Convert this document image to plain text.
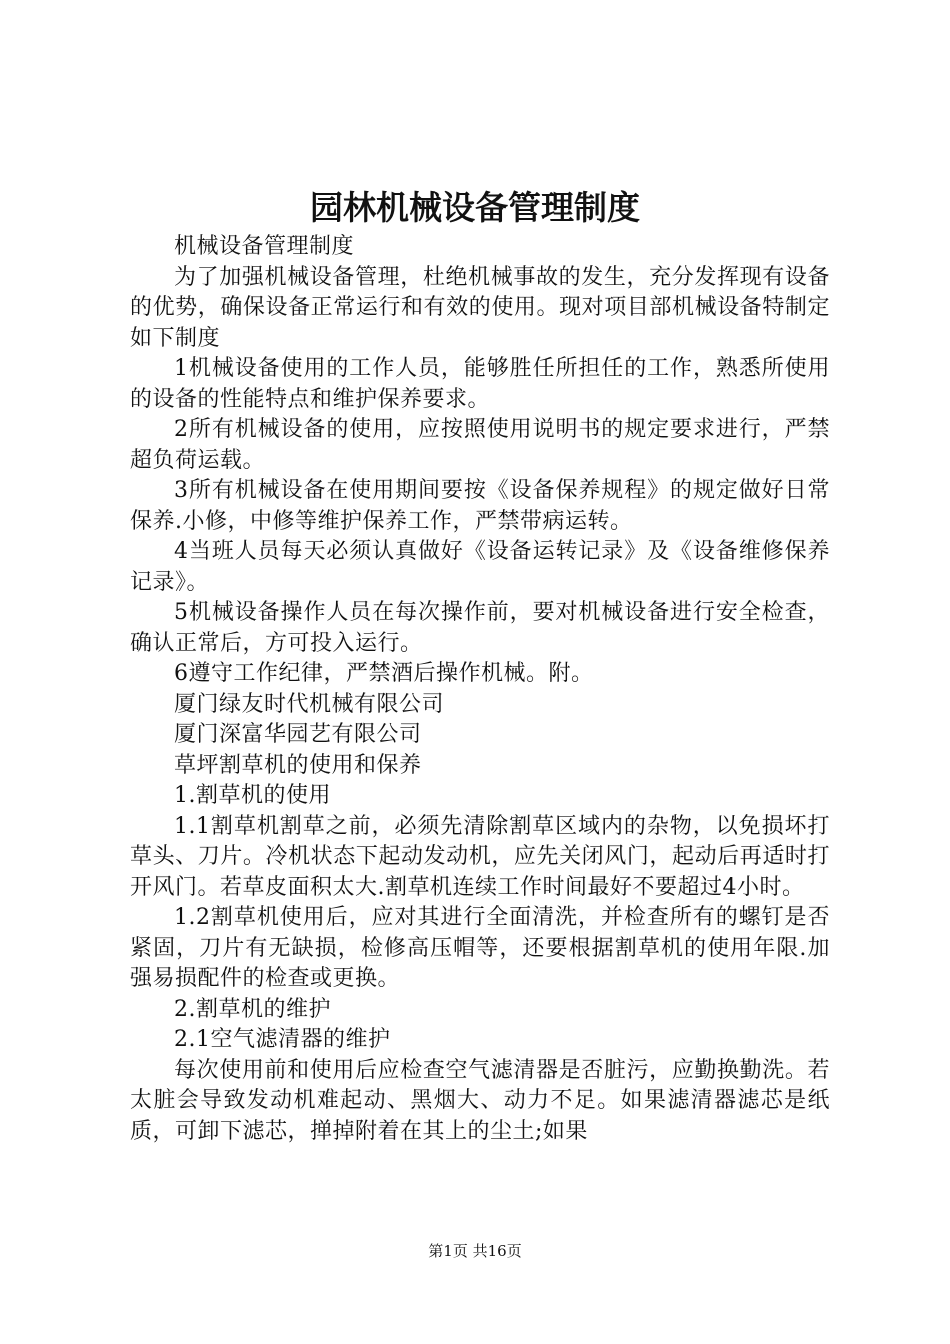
园林机械设备管理制度

机械设备管理制度

为了加强机械设备管理，杜绝机械事故的发生，充分发挥现有设备的优势，确保设备正常运行和有效的使用。现对项目部机械设备特制定如下制度

1机械设备使用的工作人员，能够胜任所担任的工作，熟悉所使用的设备的性能特点和维护保养要求。

2所有机械设备的使用，应按照使用说明书的规定要求进行，严禁超负荷运载。

3所有机械设备在使用期间要按《设备保养规程》的规定做好日常保养.小修，中修等维护保养工作，严禁带病运转。

4当班人员每天必须认真做好《设备运转记录》及《设备维修保养记录》。

5机械设备操作人员在每次操作前，要对机械设备进行安全检查，确认正常后，方可投入运行。

6遵守工作纪律，严禁酒后操作机械。附。

厦门绿友时代机械有限公司

厦门深富华园艺有限公司

草坪割草机的使用和保养

1.割草机的使用

1.1割草机割草之前，必须先清除割草区域内的杂物，以免损坏打草头、刀片。冷机状态下起动发动机，应先关闭风门，起动后再适时打开风门。若草皮面积太大.割草机连续工作时间最好不要超过4小时。

1.2割草机使用后，应对其进行全面清洗，并检查所有的螺钉是否紧固，刀片有无缺损，检修高压帽等，还要根据割草机的使用年限.加强易损配件的检查或更换。

2.割草机的维护

2.1空气滤清器的维护

每次使用前和使用后应检查空气滤清器是否脏污，应勤换勤洗。若太脏会导致发动机难起动、黑烟大、动力不足。如果滤清器滤芯是纸质，可卸下滤芯，掸掉附着在其上的尘土;如果

第1页 共16页
